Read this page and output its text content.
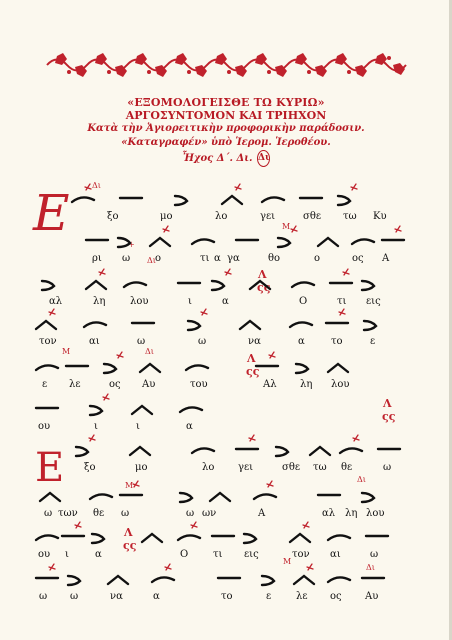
«ΕΞΟΜΟΛΟΓΕΙΣΘΕ ΤΩ ΚΥΡΙΩ»
ΑΡΓΟΣΥΝΤΟΜΟΝ ΚΑΙ ΤΡΙΗΧΟΝ
Κατὰ τὴν Ἁγιορειτικὴν προφορικὴν παράδοσιν.
«Καταγραφέν» ὑπὸ Ἱερομ. Ἱεροθέου.
Ἦχος Δ΄. Δι. Δι
Ε
Ε
Δι
Μ
Δι
Λ
ςς
+
Μ	Δι
Λ
ςς
Λ
ςς
Μ
Δι
Λ
ςς
Μ
Δι
ξο	μο	λο	γει	σθε τω Κυ
ρι ω ο	τι α γα	θο	ο	ος Α
αλ	λη λου	ι	α	Ο	τι εις
τον	αι	ω	ω	να	α	το	ε
ε λε	ος Αυ	του	Αλ λη λου
ου	ι	ι	α
ξο	μο	λο γει	σθε τω θε	ω
ω των θε ω	ω ων	Α	αλ λη λου
ου ι	α	Ο τι εις	τον αι	ω
ω ω	να	α	το	ε λε ος Αυ
